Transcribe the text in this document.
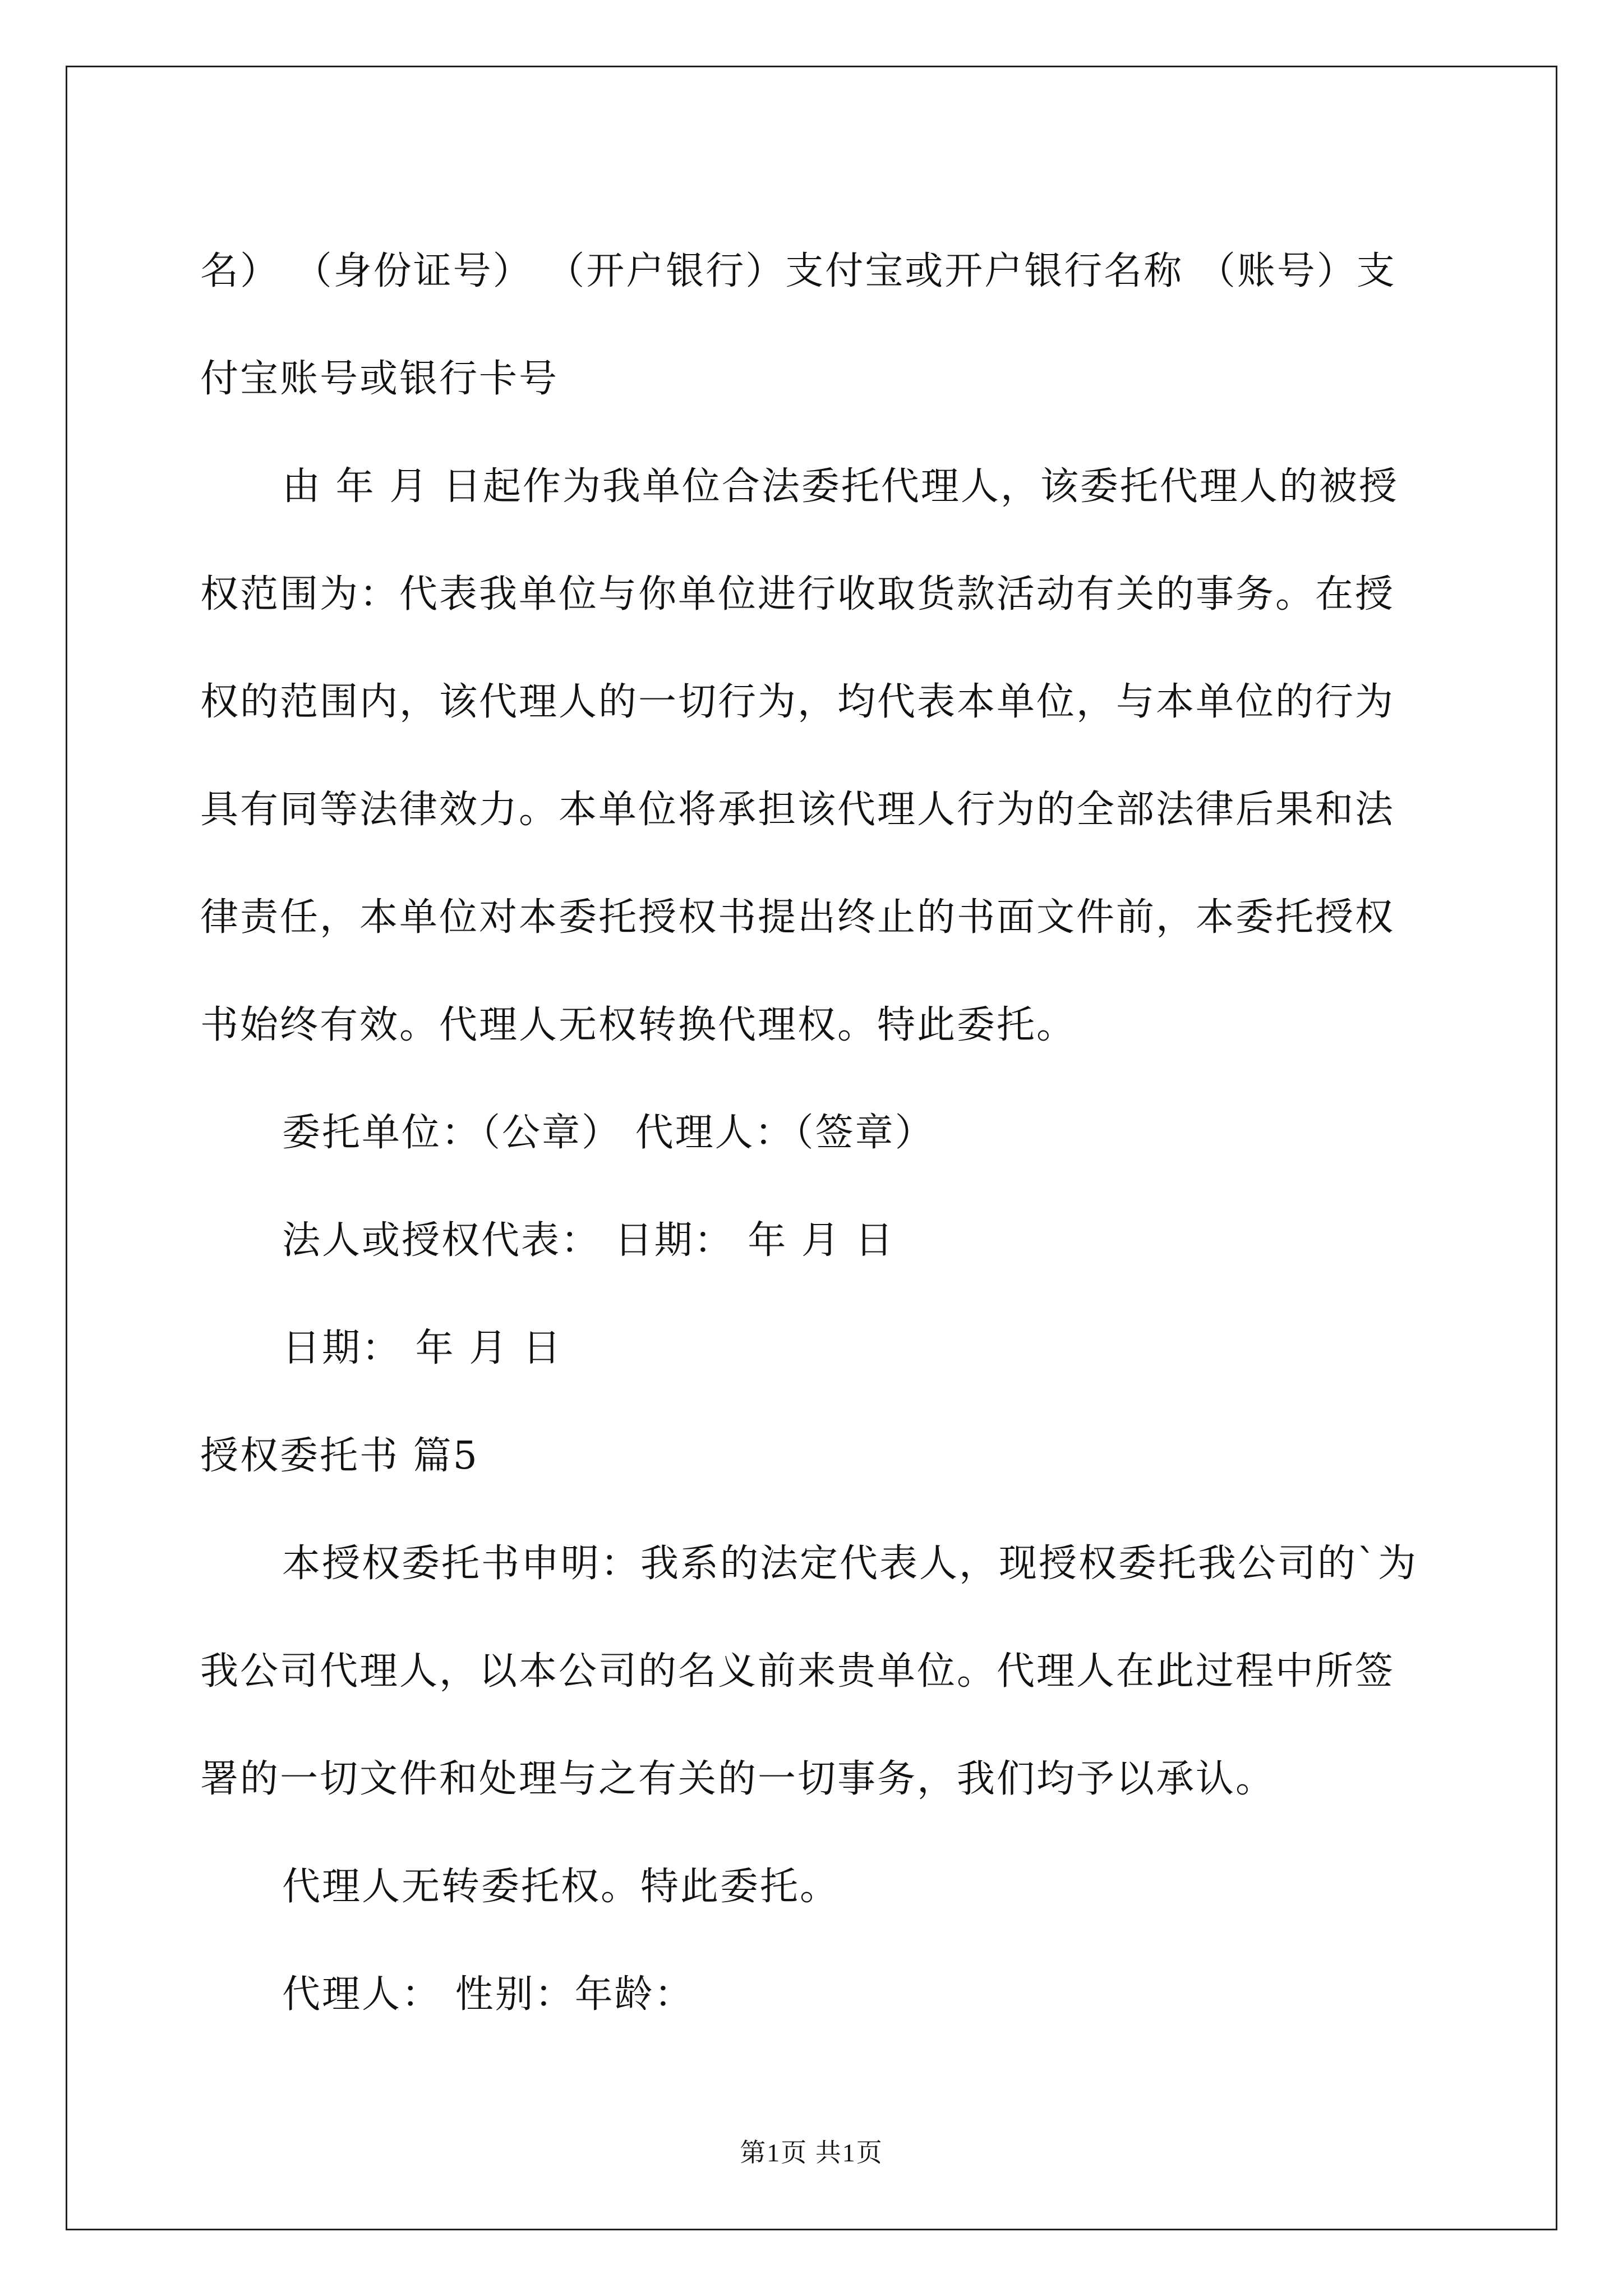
名） （身份证号） （开户银行）支付宝或开户银行名称 （账号）支付宝账号或银行卡号

由 年 月 日起作为我单位合法委托代理人，该委托代理人的被授权范围为：代表我单位与你单位进行收取货款活动有关的事务。在授权的范围内，该代理人的一切行为，均代表本单位，与本单位的行为具有同等法律效力。本单位将承担该代理人行为的全部法律后果和法律责任，本单位对本委托授权书提出终止的书面文件前，本委托授权书始终有效。代理人无权转换代理权。特此委托。

委托单位：（公章） 代理人：（签章）

法人或授权代表： 日期： 年 月 日

日期： 年 月 日

授权委托书 篇5

本授权委托书申明：我系的法定代表人，现授权委托我公司的`为我公司代理人，以本公司的名义前来贵单位。代理人在此过程中所签署的一切文件和处理与之有关的一切事务，我们均予以承认。

代理人无转委托权。特此委托。

代理人： 性别：年龄：

第1页 共1页
